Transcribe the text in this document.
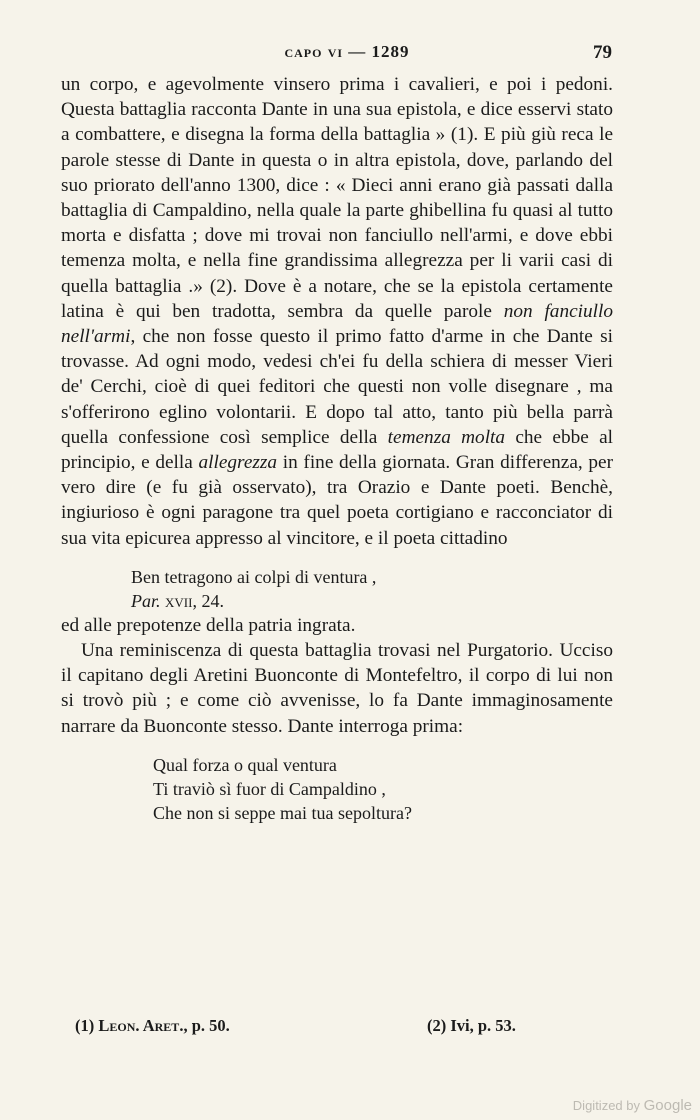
capo vi — 1289	79

un corpo, e agevolmente vinsero prima i cavalieri, e poi i pedoni. Questa battaglia racconta Dante in una sua epistola, e dice esservi stato a combattere, e disegna la forma della battaglia » (1). E più giù reca le parole stesse di Dante in questa o in altra epistola, dove, parlando del suo priorato dell'anno 1300, dice : « Dieci anni erano già passati dalla battaglia di Campaldino, nella quale la parte ghibellina fu quasi al tutto morta e disfatta ; dove mi trovai non fanciullo nell'armi, e dove ebbi temenza molta, e nella fine grandissima allegrezza per li varii casi di quella battaglia .» (2). Dove è a notare, che se la epistola certamente latina è qui ben tradotta, sembra da quelle parole non fanciullo nell'armi, che non fosse questo il primo fatto d'arme in che Dante si trovasse. Ad ogni modo, vedesi ch'ei fu della schiera di messer Vieri de' Cerchi, cioè di quei feditori che questi non volle disegnare , ma s'offerirono eglino volontarii. E dopo tal atto, tanto più bella parrà quella confessione così semplice della temenza molta che ebbe al principio, e della allegrezza in fine della giornata. Gran differenza, per vero dire (e fu già osservato), tra Orazio e Dante poeti. Benchè, ingiurioso è ogni paragone tra quel poeta cortigiano e racconciator di sua vita epicurea appresso al vincitore, e il poeta cittadino

Ben tetragono ai colpi di ventura ,

Par. xvii, 24.

ed alle prepotenze della patria ingrata.

Una reminiscenza di questa battaglia trovasi nel Purgatorio. Ucciso il capitano degli Aretini Buonconte di Montefeltro, il corpo di lui non si trovò più ; e come ciò avvenisse, lo fa Dante immaginosamente narrare da Buonconte stesso. Dante interroga prima:

Qual forza o qual ventura

Ti traviò sì fuor di Campaldino ,

Che non si seppe mai tua sepoltura?

(1) Leon. Aret., p. 50.	(2) Ivi, p. 53.
Digitized by Google
